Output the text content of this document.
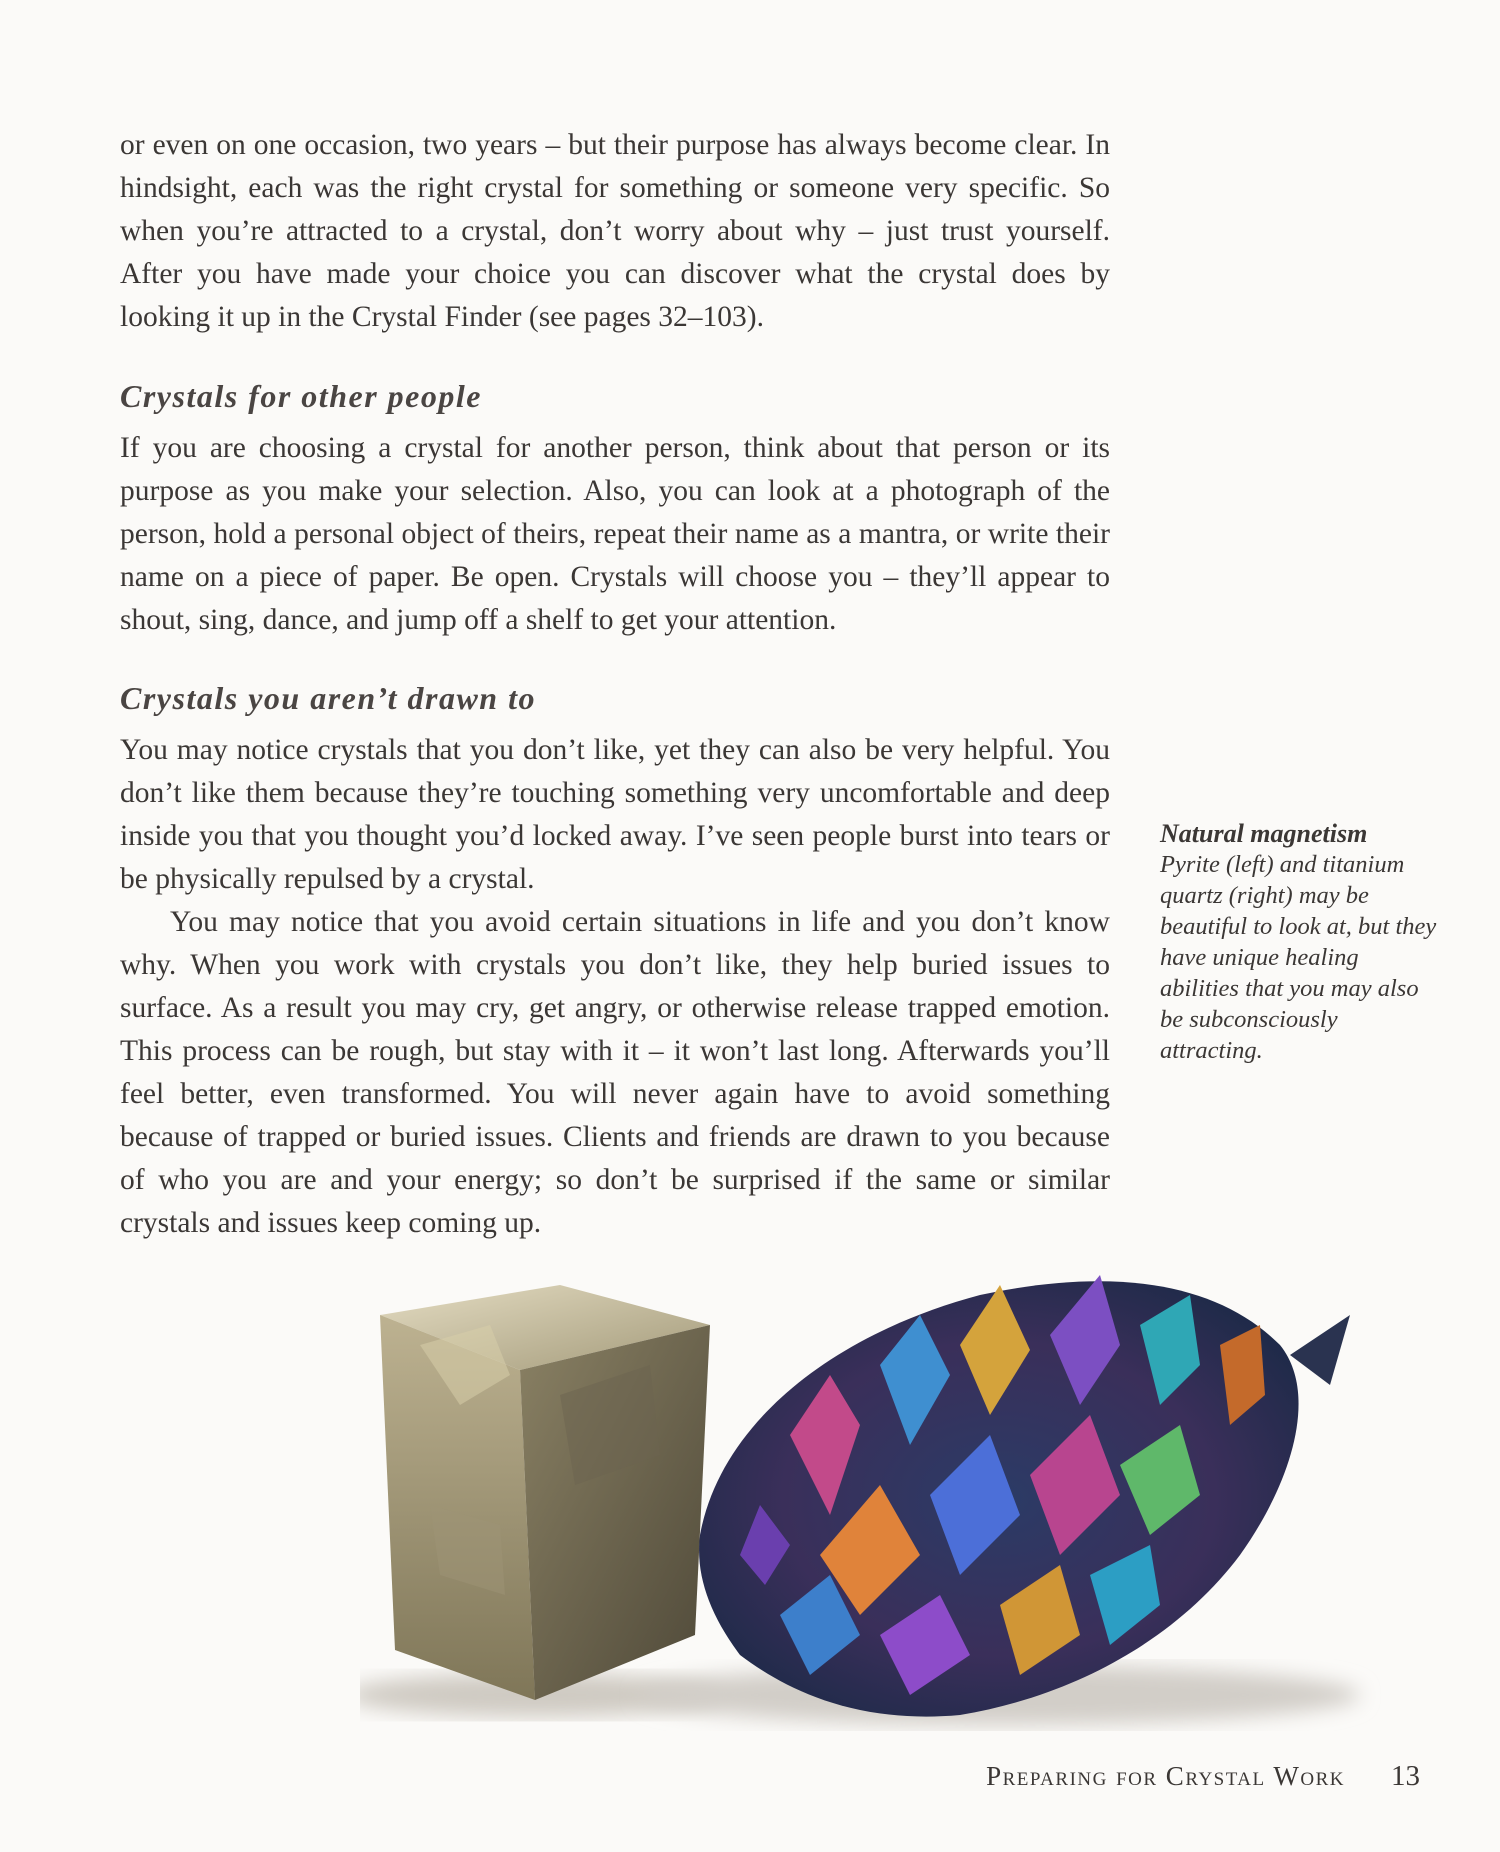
or even on one occasion, two years – but their purpose has always become clear. In hindsight, each was the right crystal for something or someone very specific. So when you’re attracted to a crystal, don’t worry about why – just trust yourself. After you have made your choice you can discover what the crystal does by looking it up in the Crystal Finder (see pages 32–103).

Crystals for other people

If you are choosing a crystal for another person, think about that person or its purpose as you make your selection. Also, you can look at a photograph of the person, hold a personal object of theirs, repeat their name as a mantra, or write their name on a piece of paper. Be open. Crystals will choose you – they’ll appear to shout, sing, dance, and jump off a shelf to get your attention.

Crystals you aren’t drawn to

You may notice crystals that you don’t like, yet they can also be very helpful. You don’t like them because they’re touching something very uncomfortable and deep inside you that you thought you’d locked away. I’ve seen people burst into tears or be physically repulsed by a crystal.

You may notice that you avoid certain situations in life and you don’t know why. When you work with crystals you don’t like, they help buried issues to surface. As a result you may cry, get angry, or otherwise release trapped emotion. This process can be rough, but stay with it – it won’t last long. Afterwards you’ll feel better, even transformed. You will never again have to avoid something because of trapped or buried issues. Clients and friends are drawn to you because of who you are and your energy; so don’t be surprised if the same or similar crystals and issues keep coming up.

Natural magnetism
Pyrite (left) and titanium quartz (right) may be beautiful to look at, but they have unique healing abilities that you may also be subconsciously attracting.

Preparing for Crystal Work 13
